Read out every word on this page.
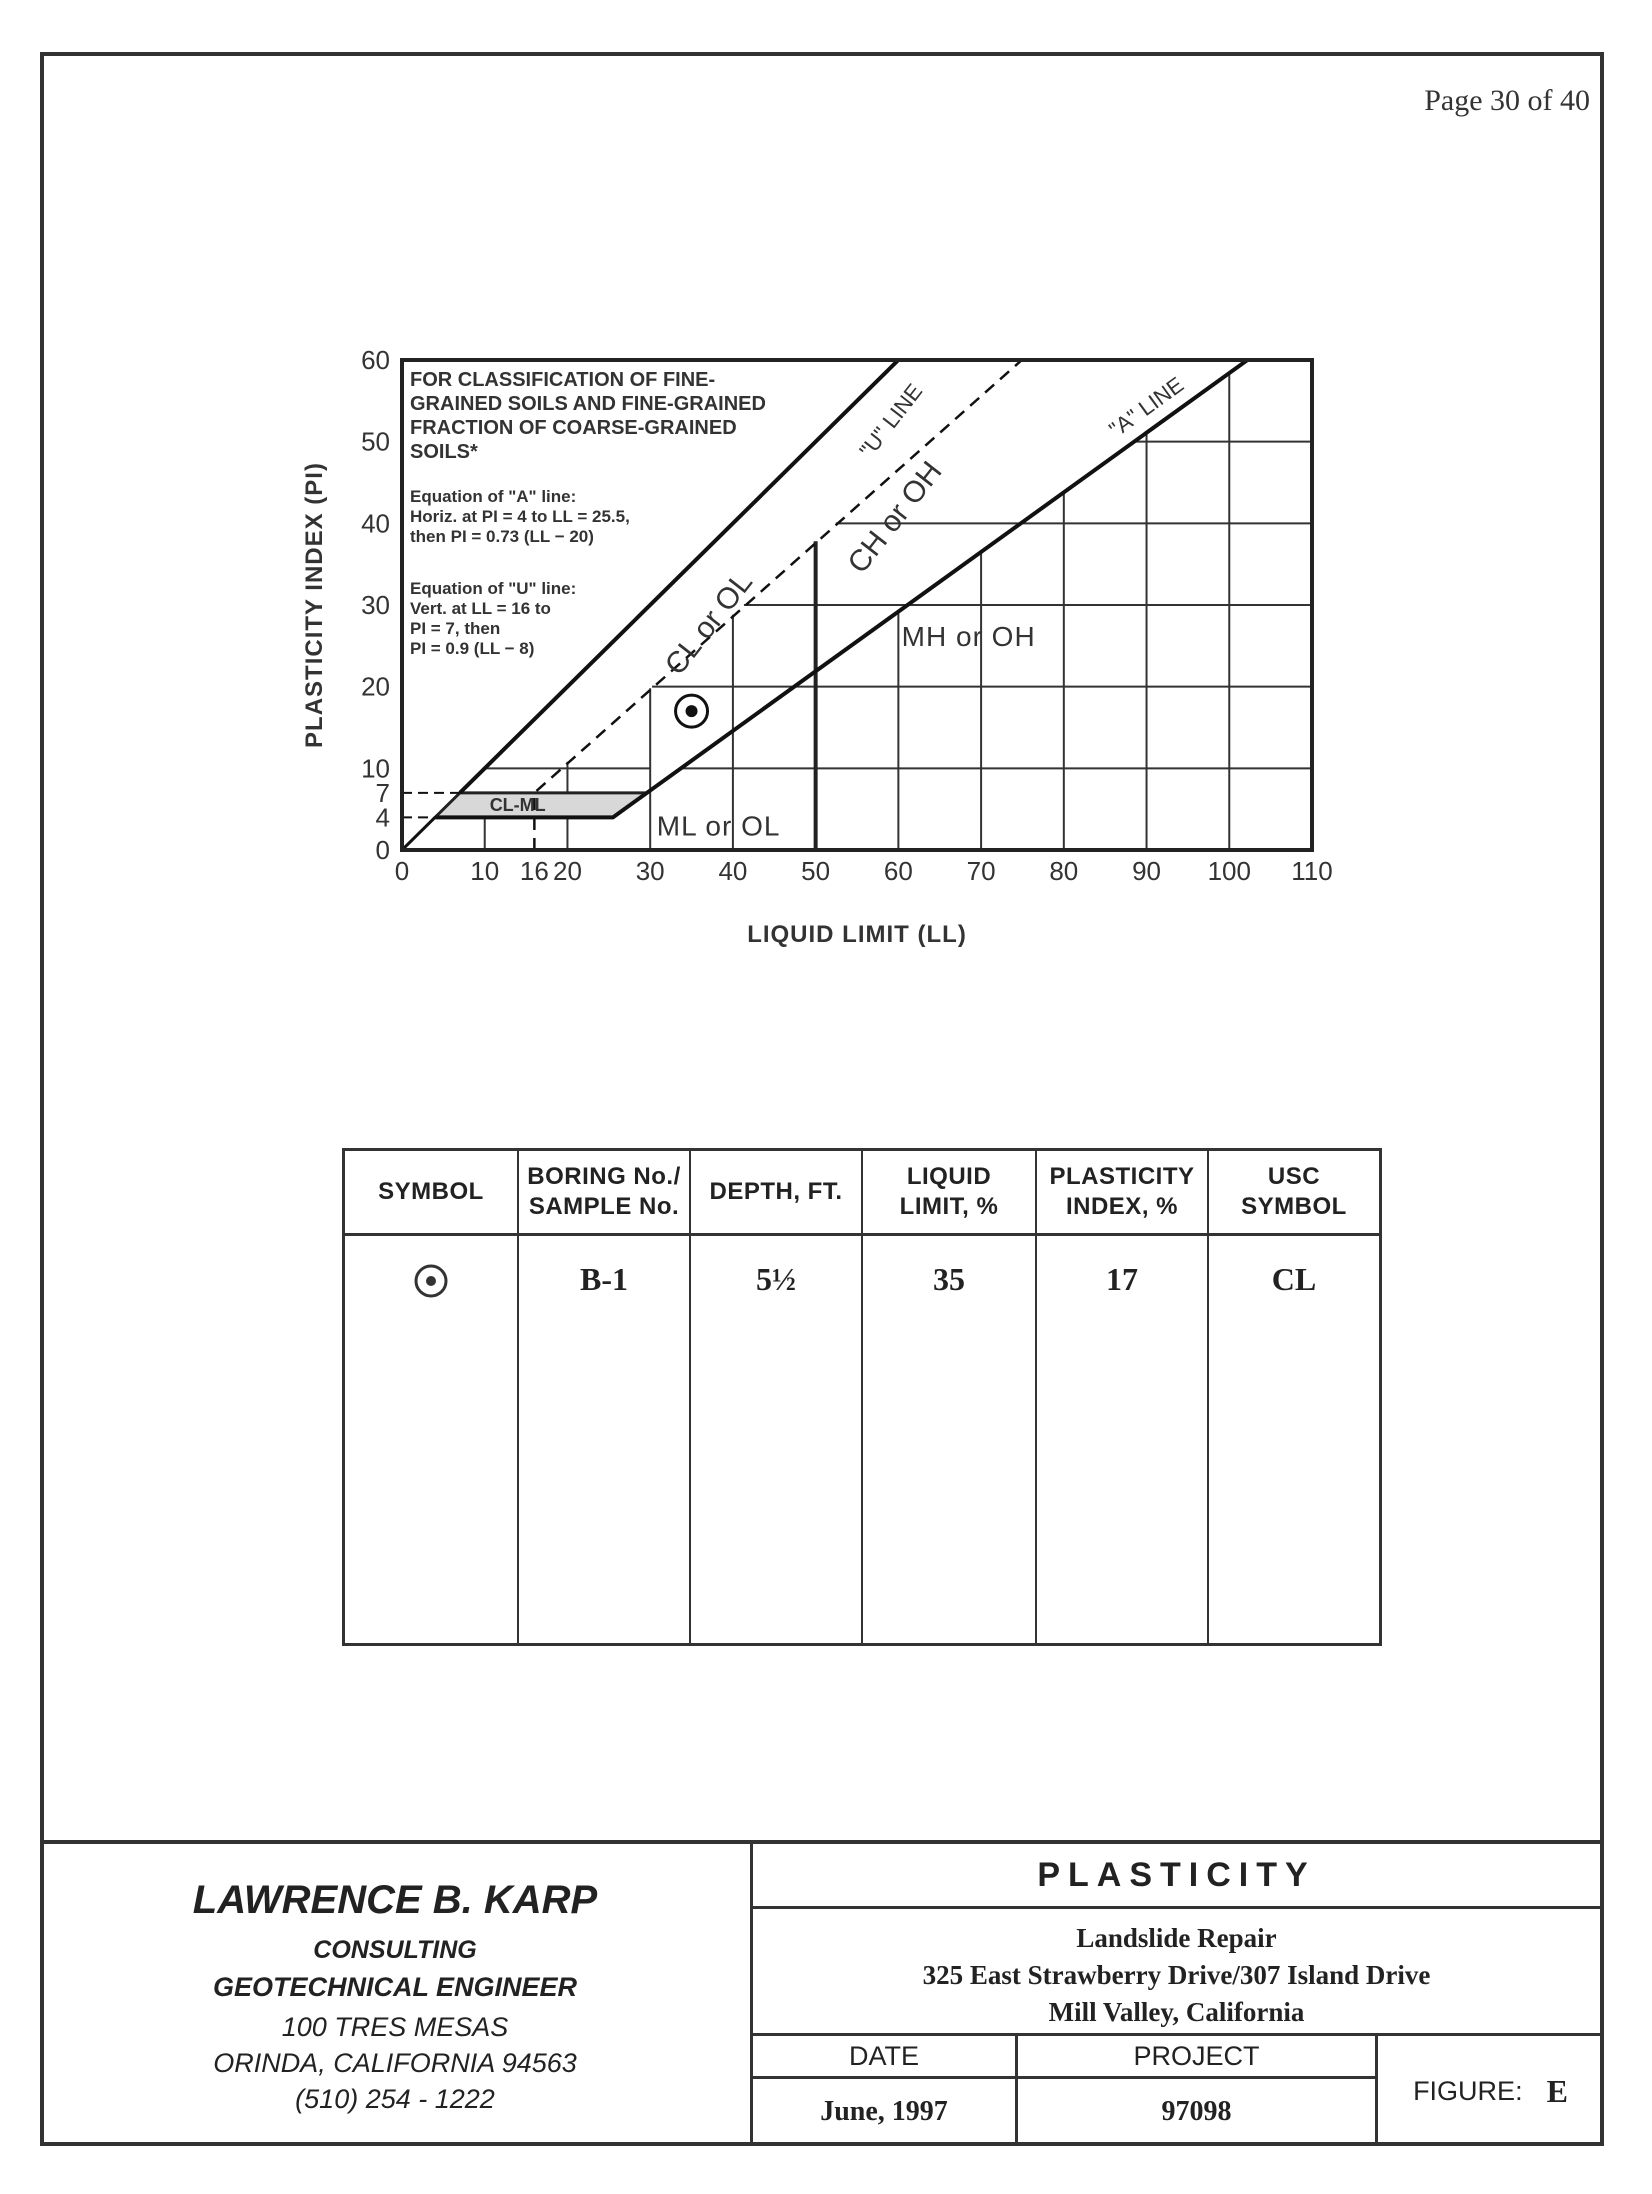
Page 30 of 40
0 10 16 20 30 40 50 60 70 80 90 100 110
0
4
7
10
20
30
40
50
60
LIQUID LIMIT (LL)
PLASTICITY INDEX (PI)
FOR CLASSIFICATION OF FINE-
GRAINED SOILS AND FINE-GRAINED
FRACTION OF COARSE-GRAINED
SOILS*
Equation of "A" line:
Horiz. at PI = 4 to LL = 25.5,
then PI = 0.73 (LL − 20)
Equation of "U" line:
Vert. at LL = 16 to
PI = 7, then
PI = 0.9 (LL − 8)	CL or OL
CH or OH
MH or OH
ML or OL
CL-ML
"U" LINE	"A" LINE
SYMBOL
BORING No./
SAMPLE No.
B-1
DEPTH, FT.
5½
LIQUID
LIMIT, %
35
PLASTICITY
INDEX, %
17
USC
SYMBOL
CL
LAWRENCE B. KARP
CONSULTING
GEOTECHNICAL ENGINEER
100 TRES MESAS
ORINDA, CALIFORNIA 94563
(510) 254 - 1222
PLASTICITY
Landslide Repair
325 East Strawberry Drive/307 Island Drive
Mill Valley, California
DATE
June, 1997
PROJECT
97098
FIGURE: E
